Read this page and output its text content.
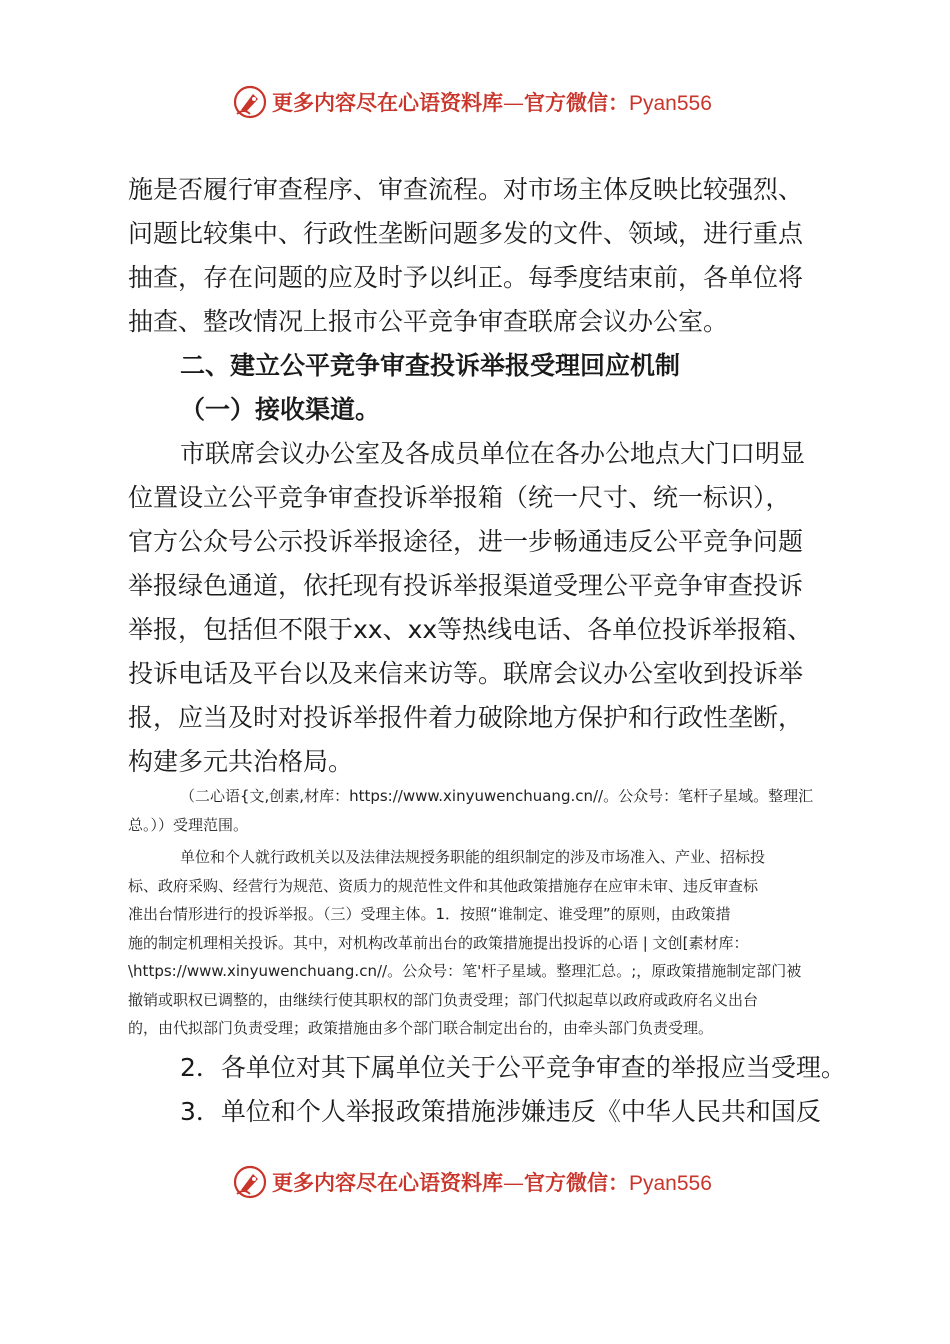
更多内容尽在心语资料库—官方微信：Pyan556

施是否履行审查程序、审查流程。对市场主体反映比较强烈、
问题比较集中、行政性垄断问题多发的文件、领域，进行重点
抽查，存在问题的应及时予以纠正。每季度结束前，各单位将
抽查、整改情况上报市公平竞争审查联席会议办公室。

二、建立公平竞争审查投诉举报受理回应机制

（一）接收渠道。

市联席会议办公室及各成员单位在各办公地点大门口明显
位置设立公平竞争审查投诉举报箱（统一尺寸、统一标识），
官方公众号公示投诉举报途径，进一步畅通违反公平竞争问题
举报绿色通道，依托现有投诉举报渠道受理公平竞争审查投诉
举报，包括但不限于xx、xx等热线电话、各单位投诉举报箱、
投诉电话及平台以及来信来访等。联席会议办公室收到投诉举
报，应当及时对投诉举报件着力破除地方保护和行政性垄断，
构建多元共治格局。

（二心语{文,创素,材库：https://www.xinyuwenchuang.cn//。公众号：笔杆子星域。整理汇
总。））受理范围。

单位和个人就行政机关以及法律法规授务职能的组织制定的涉及市场准入、产业、招标投
标、政府采购、经营行为规范、资质力的规范性文件和其他政策措施存在应审未审、违反审查标
准出台情形进行的投诉举报。（三）受理主体。1．按照“谁制定、谁受理”的原则，由政策措
施的制定机理相关投诉。其中，对机构改革前出台的政策措施提出投诉的心语 | 文创[素材库：
\https://www.xinyuwenchuang.cn//。公众号：笔'杆子星域。整理汇总。;，原政策措施制定部门被
撤销或职权已调整的，由继续行使其职权的部门负责受理；部门代拟起草以政府或政府名义出台
的，由代拟部门负责受理；政策措施由多个部门联合制定出台的，由牵头部门负责受理。

2．各单位对其下属单位关于公平竞争审查的举报应当受理。

3．单位和个人举报政策措施涉嫌违反《中华人民共和国反

更多内容尽在心语资料库—官方微信：Pyan556
